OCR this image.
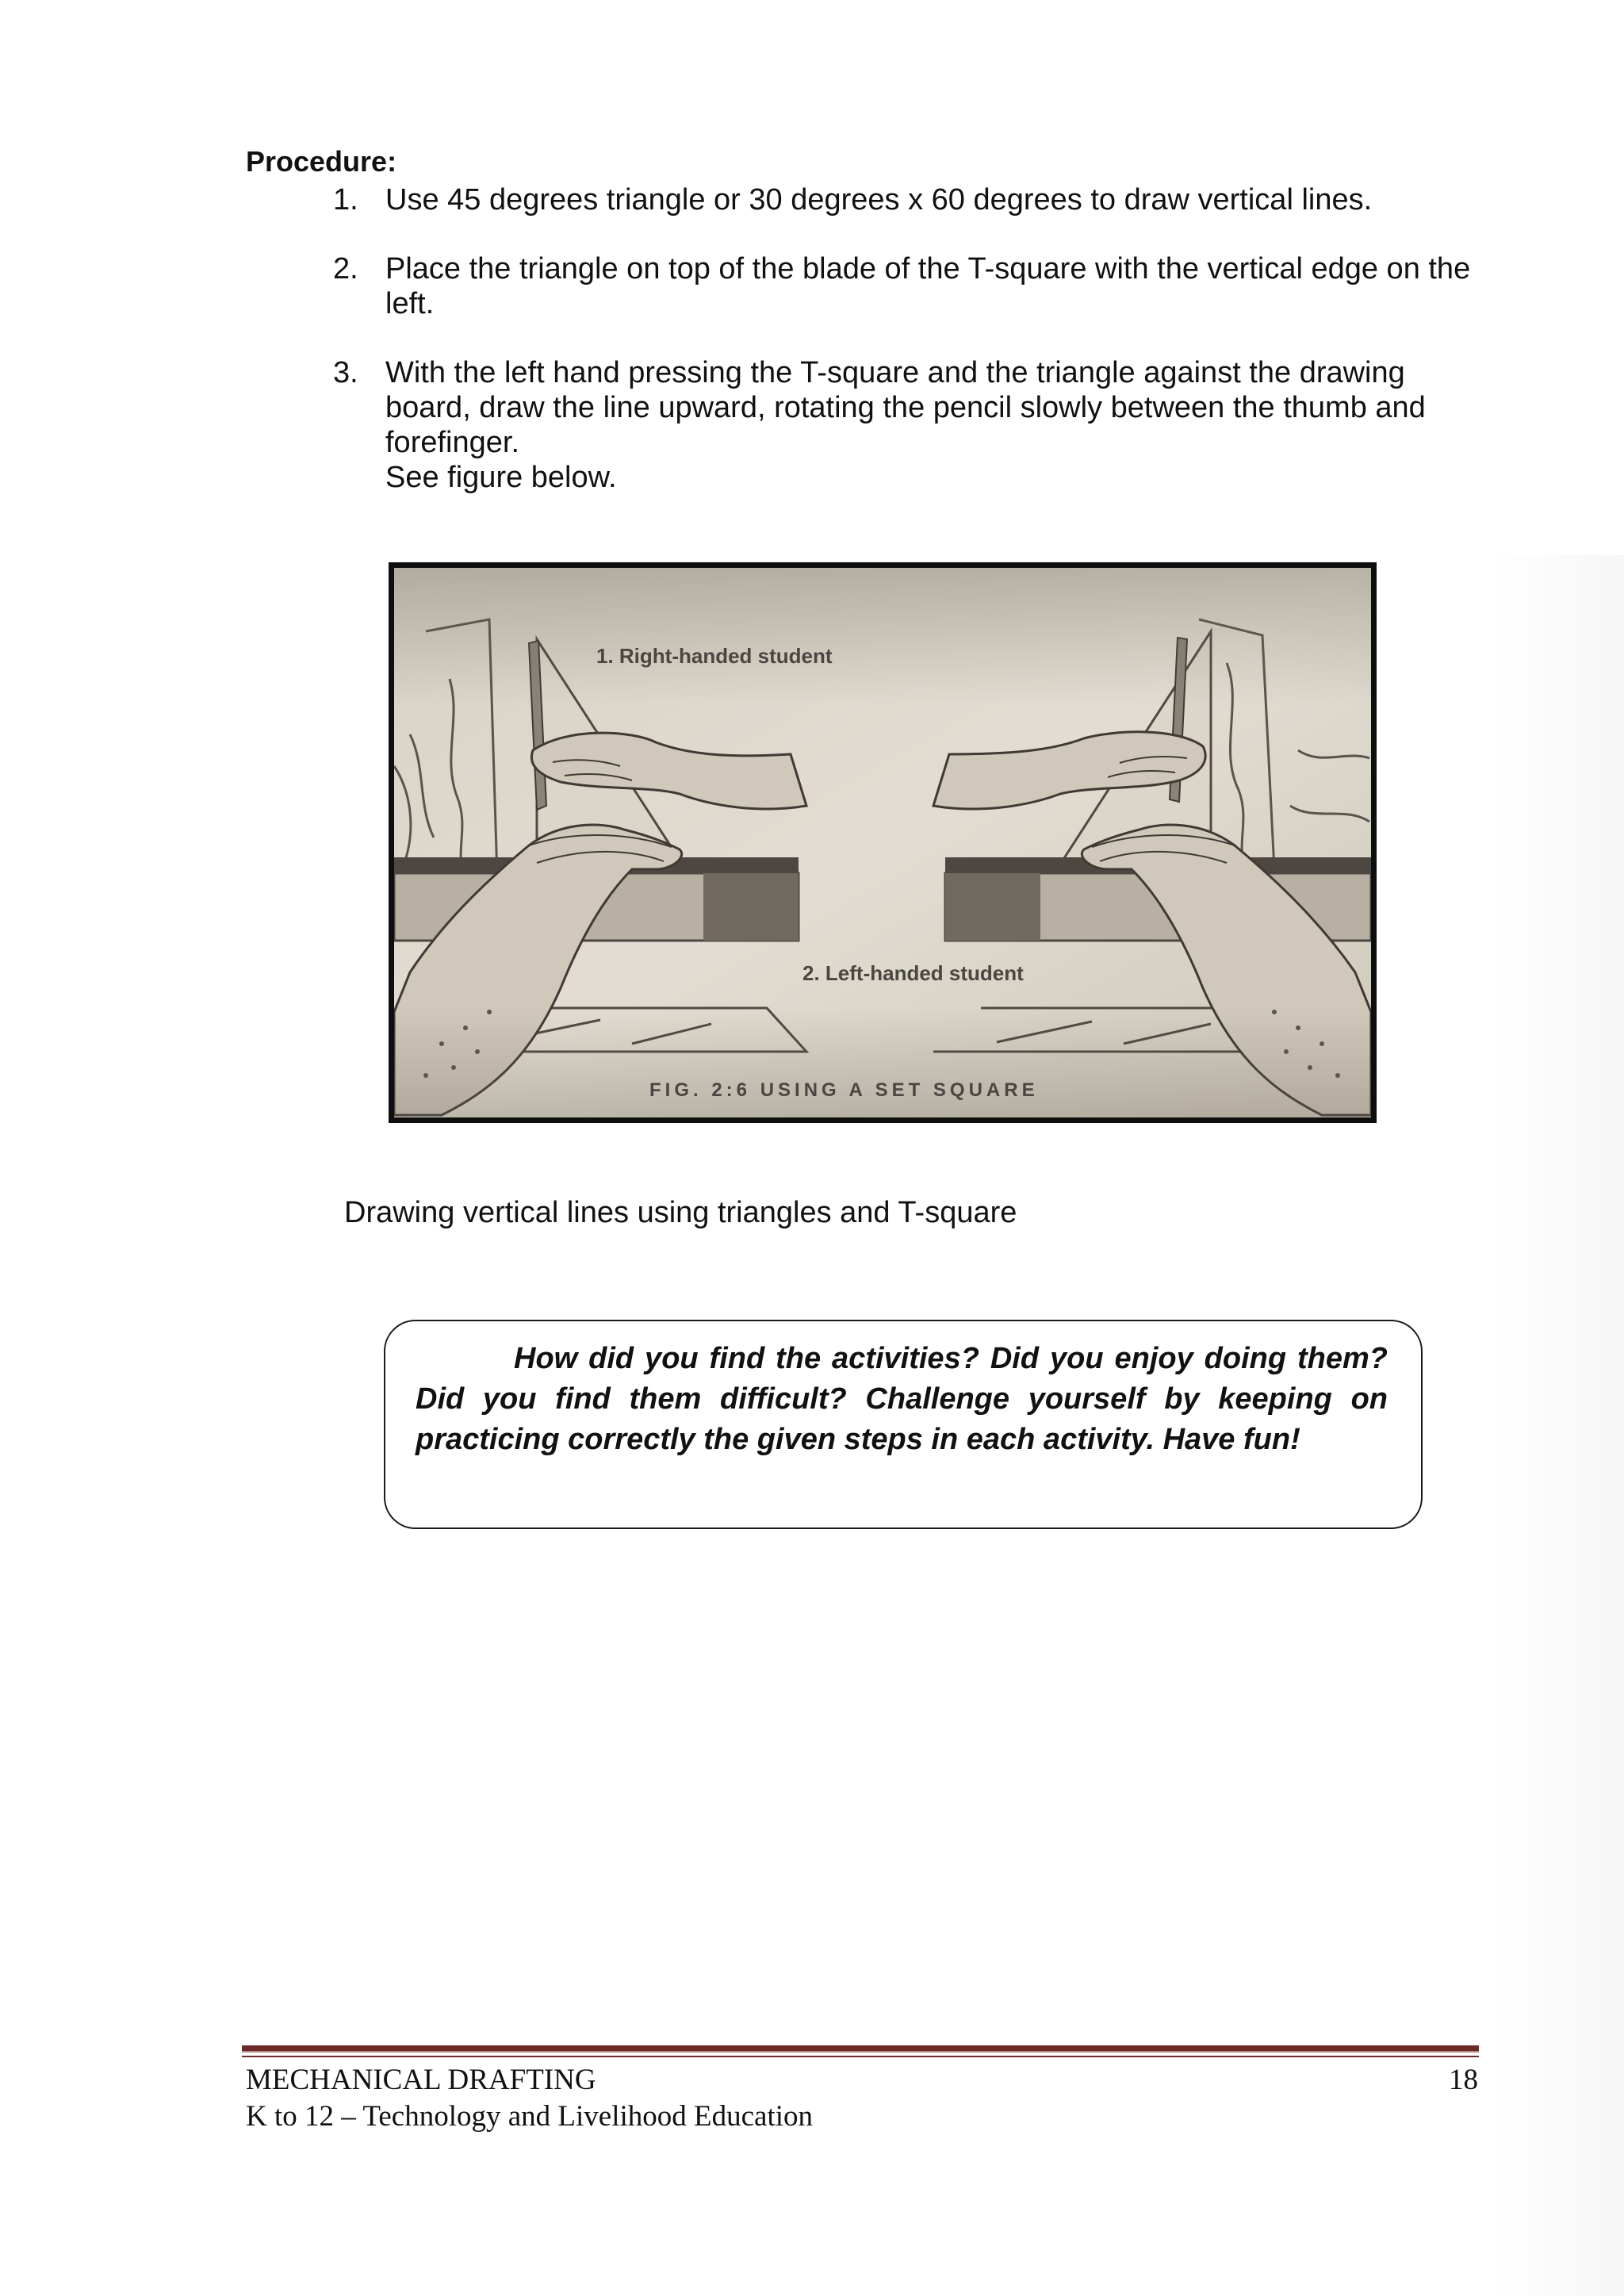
Procedure:
1. Use 45 degrees triangle or 30 degrees x 60 degrees to draw vertical lines.
2. Place the triangle on top of the blade of the T-square with the vertical edge on the left.
3. With the left hand pressing the T-square and the triangle against the drawing board, draw the line upward, rotating the pencil slowly between the thumb and forefinger.
See figure below.
1. Right-handed student
2. Left-handed student
FIG. 2:6 USING A SET SQUARE
Drawing vertical lines using triangles and T-square
How did you find the activities? Did you enjoy doing them? Did you find them difficult? Challenge yourself by keeping on practicing correctly the given steps in each activity. Have fun!
MECHANICAL DRAFTING
K to 12 – Technology and Livelihood Education
18
